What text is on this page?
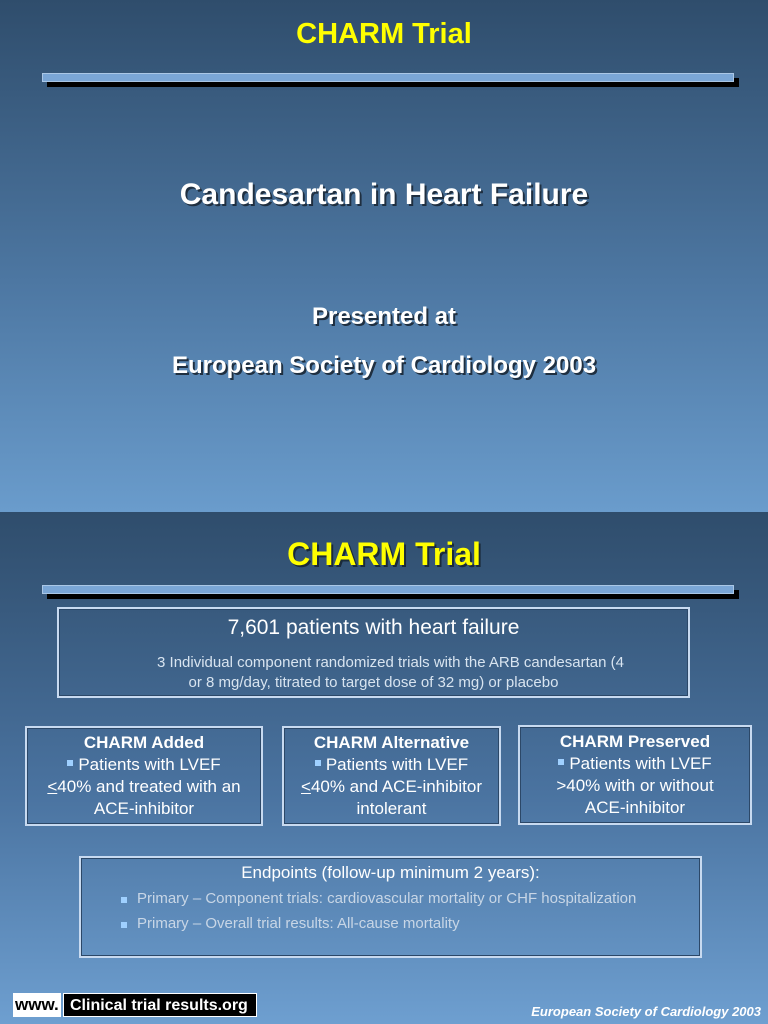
CHARM Trial
Candesartan in Heart Failure
Presented at
European Society of Cardiology 2003
CHARM Trial
7,601 patients with heart failure
3 Individual component randomized trials with the ARB candesartan (4
or 8 mg/day, titrated to target dose of 32 mg) or placebo
CHARM Added
Patients with LVEF
<40% and treated with an
ACE-inhibitor
CHARM Alternative
Patients with LVEF
<40% and ACE-inhibitor
intolerant
CHARM Preserved
Patients with LVEF
>40% with or without
ACE-inhibitor
Endpoints (follow-up minimum 2 years):
Primary – Component trials: cardiovascular mortality or CHF hospitalization
Primary – Overall trial results: All-cause mortality
www. Clinical trial results.org	European Society of Cardiology 2003
